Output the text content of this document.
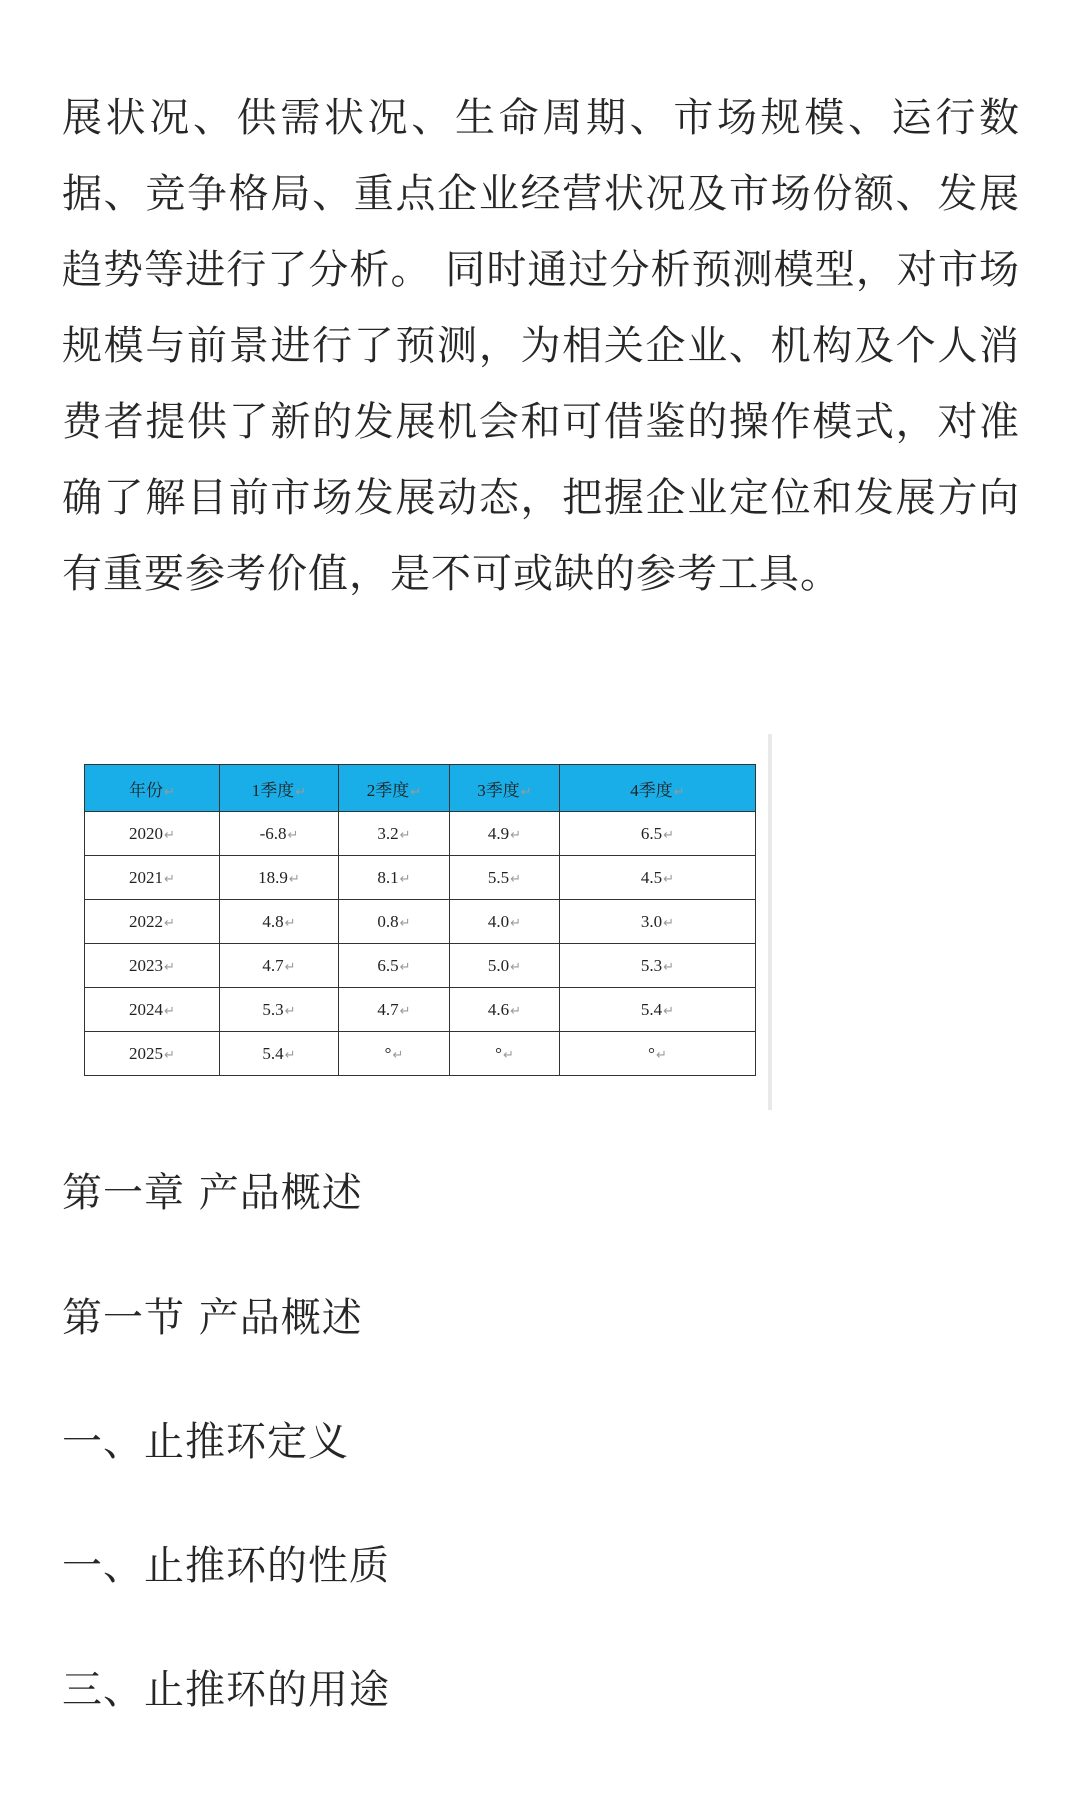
展状况、供需状况、生命周期、市场规模、运行数据、竞争格局、重点企业经营状况及市场份额、发展趋势等进行了分析。 同时通过分析预测模型，对市场规模与前景进行了预测，为相关企业、机构及个人消费者提供了新的发展机会和可借鉴的操作模式，对准确了解目前市场发展动态，把握企业定位和发展方向有重要参考价值，是不可或缺的参考工具。

年份↵	1季度↵	2季度↵	3季度↵	4季度↵
2020↵	-6.8↵	3.2↵	4.9↵	6.5↵
2021↵	18.9↵	8.1↵	5.5↵	4.5↵
2022↵	4.8↵	0.8↵	4.0↵	3.0↵
2023↵	4.7↵	6.5↵	5.0↵	5.3↵
2024↵	5.3↵	4.7↵	4.6↵	5.4↵
2025↵	5.4↵	°↵	°↵	°↵
第一章 产品概述
第一节 产品概述
一、止推环定义
一、止推环的性质
三、止推环的用途
